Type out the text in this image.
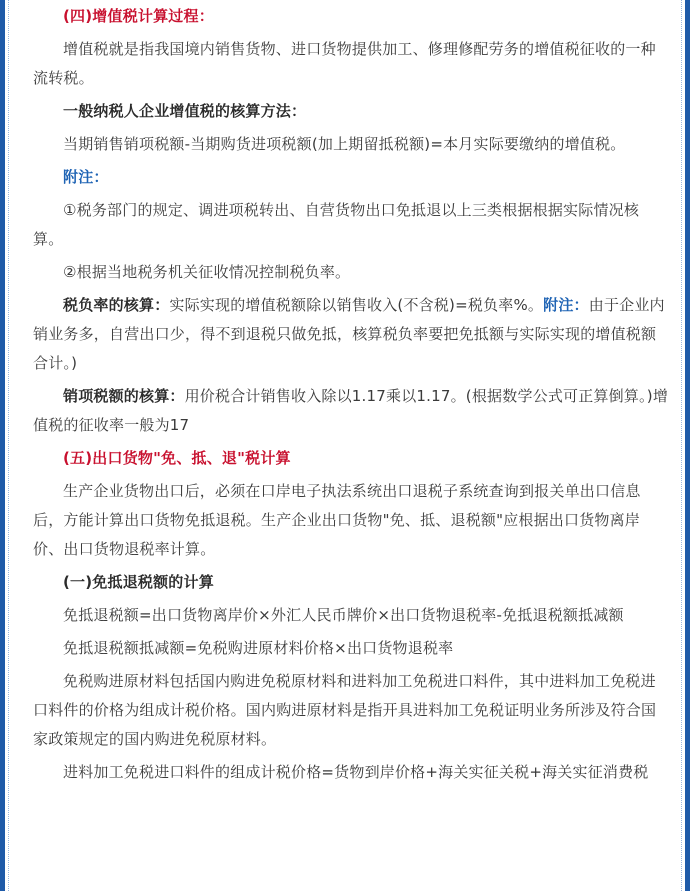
(四)增值税计算过程：

增值税就是指我国境内销售货物、进口货物提供加工、修理修配劳务的增值税征收的一种流转税。

一般纳税人企业增值税的核算方法：

当期销售销项税额-当期购货进项税额(加上期留抵税额)=本月实际要缴纳的增值税。

附注：

①税务部门的规定、调进项税转出、自营货物出口免抵退以上三类根据根据实际情况核算。

②根据当地税务机关征收情况控制税负率。

税负率的核算：实际实现的增值税额除以销售收入(不含税)=税负率%。附注：由于企业内销业务多，自营出口少，得不到退税只做免抵，核算税负率要把免抵额与实际实现的增值税额合计。)

销项税额的核算：用价税合计销售收入除以1.17乘以1.17。(根据数学公式可正算倒算。)增值税的征收率一般为17

(五)出口货物"免、抵、退"税计算

生产企业货物出口后，必须在口岸电子执法系统出口退税子系统查询到报关单出口信息后，方能计算出口货物免抵退税。生产企业出口货物"免、抵、退税额"应根据出口货物离岸价、出口货物退税率计算。

(一)免抵退税额的计算

免抵退税额=出口货物离岸价×外汇人民币牌价×出口货物退税率-免抵退税额抵减额

免抵退税额抵减额=免税购进原材料价格×出口货物退税率

免税购进原材料包括国内购进免税原材料和进料加工免税进口料件，其中进料加工免税进口料件的价格为组成计税价格。国内购进原材料是指开具进料加工免税证明业务所涉及符合国家政策规定的国内购进免税原材料。

进料加工免税进口料件的组成计税价格=货物到岸价格+海关实征关税+海关实征消费税
